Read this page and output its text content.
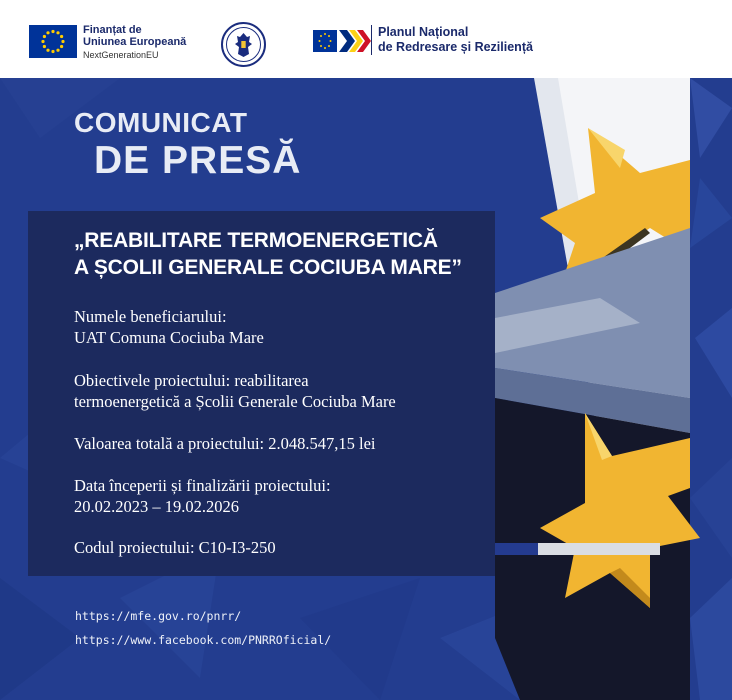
Finanțat de
Uniunea Europeană
NextGenerationEU
Planul Național
de Redresare și Reziliență
COMUNICAT
DE PRESĂ
„REABILITARE TERMOENERGETICĂ
A ȘCOLII GENERALE COCIUBA MARE”
Numele beneficiarului:
UAT Comuna Cociuba Mare
Obiectivele proiectului: reabilitarea
termoenergetică a Școlii Generale Cociuba Mare
Valoarea totală a proiectului: 2.048.547,15 lei
Data începerii și finalizării proiectului:
20.02.2023 – 19.02.2026
Codul proiectului: C10-I3-250
https://mfe.gov.ro/pnrr/
https://www.facebook.com/PNRROficial/
